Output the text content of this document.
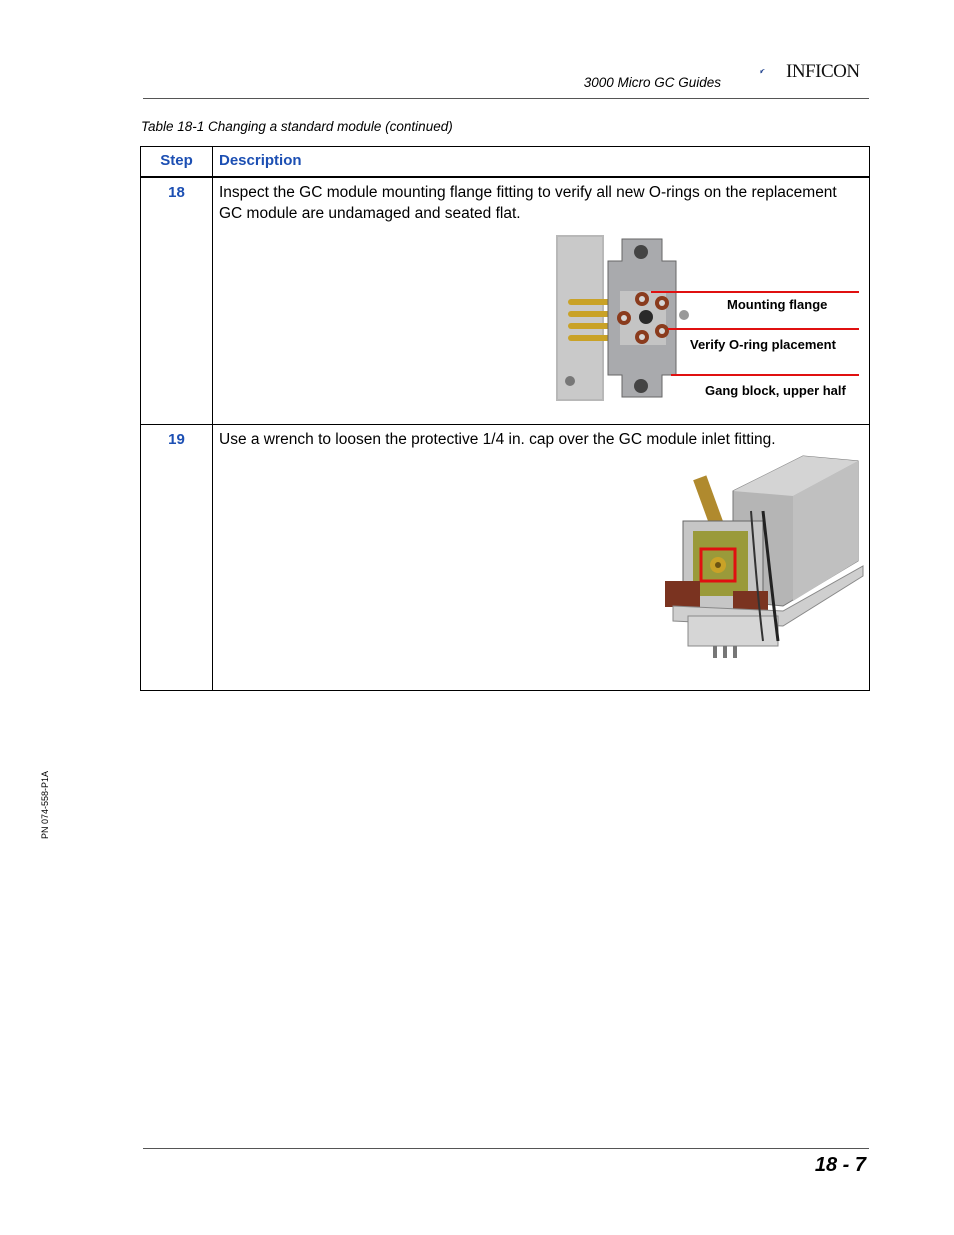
3000 Micro GC Guides
INFICON
Table 18-1 Changing a standard module (continued)
Step	Description

18	Inspect the GC module mounting flange fitting to verify all new O-rings on the replacement GC module are undamaged and seated flat.
Mounting flange
Verify O-ring placement
Gang block, upper half

19	Use a wrench to loosen the protective 1/4 in. cap over the GC module inlet fitting.
PN 074-558-P1A
18 - 7
